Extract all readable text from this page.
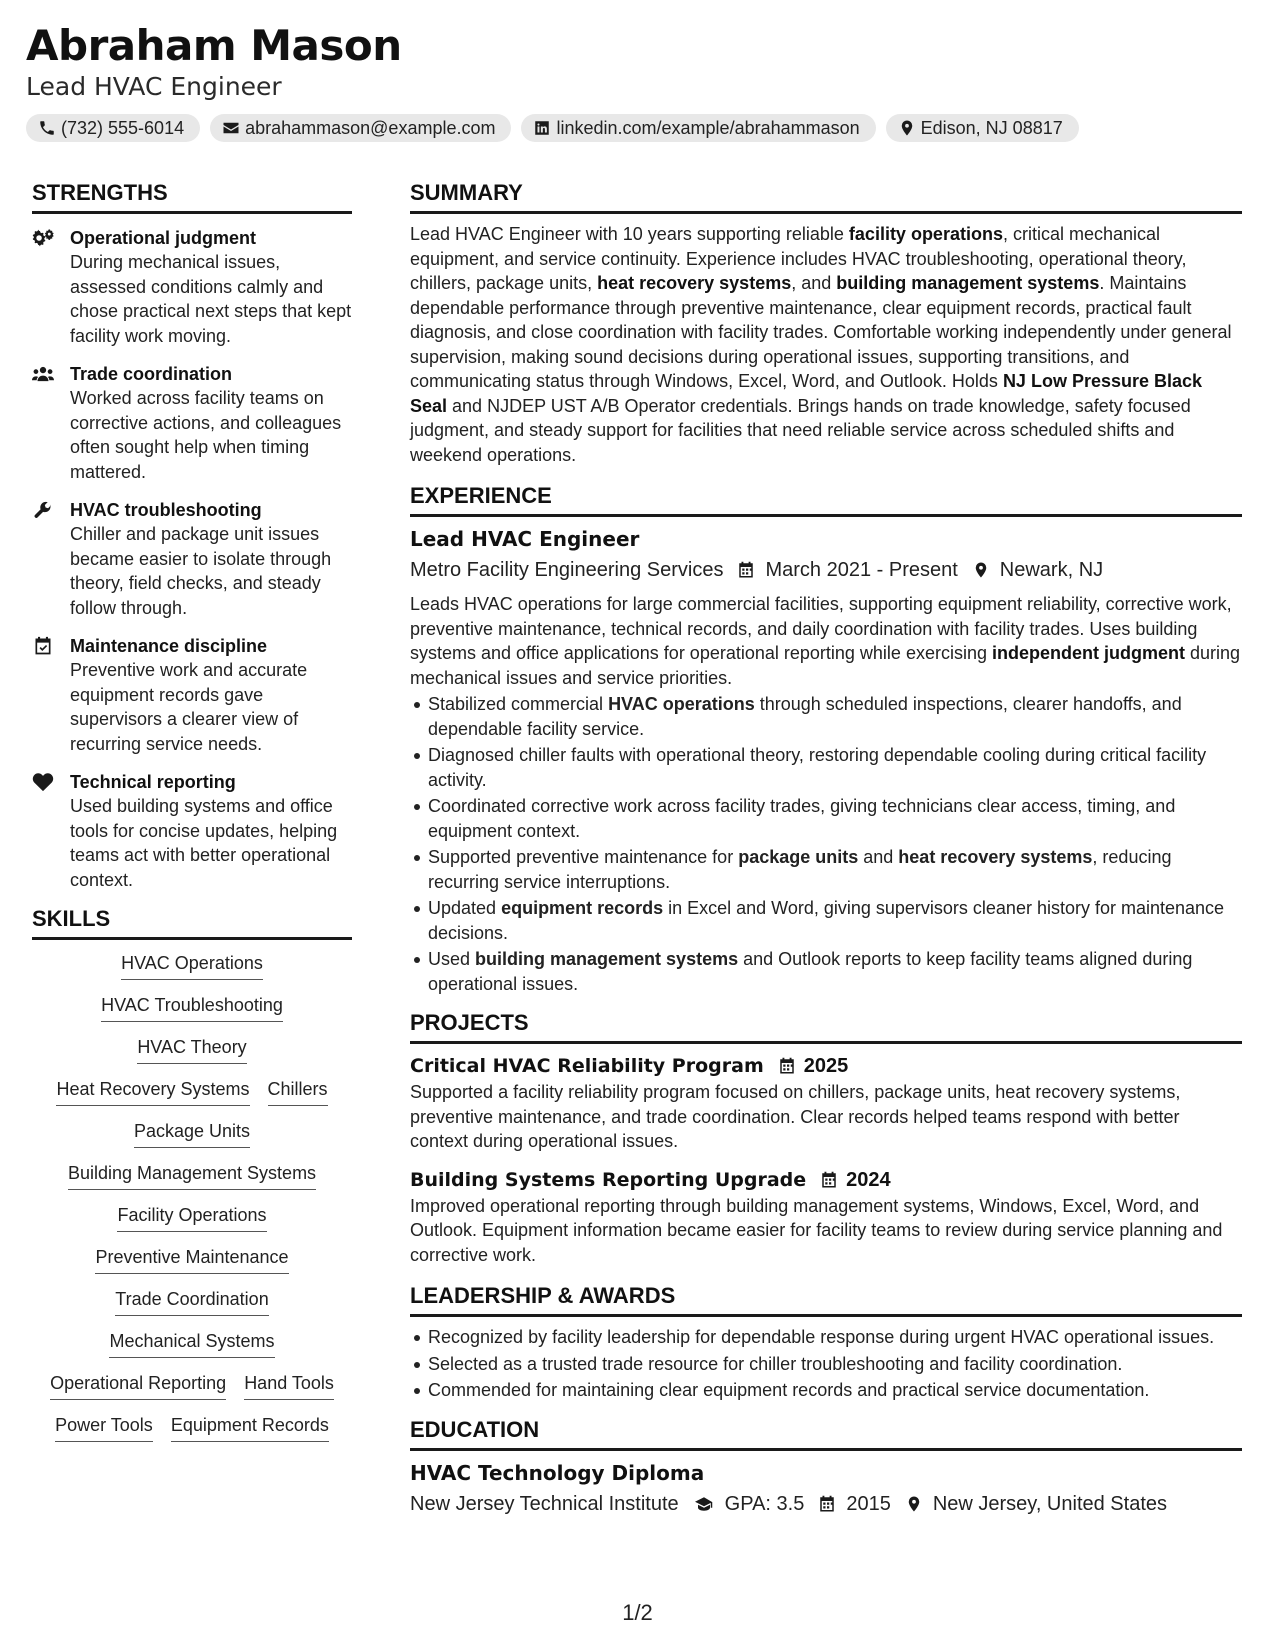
Abraham Mason
Lead HVAC Engineer
(732) 555-6014	abrahammason@example.com	linkedin.com/example/abrahammason	Edison, NJ 08817
STRENGTHS
Operational judgment
During mechanical issues, assessed conditions calmly and chose practical next steps that kept facility work moving.
Trade coordination
Worked across facility teams on corrective actions, and colleagues often sought help when timing mattered.
HVAC troubleshooting
Chiller and package unit issues became easier to isolate through theory, field checks, and steady follow through.
Maintenance discipline
Preventive work and accurate equipment records gave supervisors a clearer view of recurring service needs.
Technical reporting
Used building systems and office tools for concise updates, helping teams act with better operational context.
SKILLS
HVAC Operations
HVAC Troubleshooting
HVAC Theory
Heat Recovery Systems Chillers
Package Units
Building Management Systems
Facility Operations
Preventive Maintenance
Trade Coordination
Mechanical Systems
Operational Reporting Hand Tools
Power Tools Equipment Records
SUMMARY
Lead HVAC Engineer with 10 years supporting reliable facility operations, critical mechanical equipment, and service continuity. Experience includes HVAC troubleshooting, operational theory, chillers, package units, heat recovery systems, and building management systems. Maintains dependable performance through preventive maintenance, clear equipment records, practical fault diagnosis, and close coordination with facility trades. Comfortable working independently under general supervision, making sound decisions during operational issues, supporting transitions, and communicating status through Windows, Excel, Word, and Outlook. Holds NJ Low Pressure Black Seal and NJDEP UST A/B Operator credentials. Brings hands on trade knowledge, safety focused judgment, and steady support for facilities that need reliable service across scheduled shifts and weekend operations.
EXPERIENCE
Lead HVAC Engineer
Metro Facility Engineering Services March 2021 - Present Newark, NJ
Leads HVAC operations for large commercial facilities, supporting equipment reliability, corrective work, preventive maintenance, technical records, and daily coordination with facility trades. Uses building systems and office applications for operational reporting while exercising independent judgment during mechanical issues and service priorities.
Stabilized commercial HVAC operations through scheduled inspections, clearer handoffs, and dependable facility service.
Diagnosed chiller faults with operational theory, restoring dependable cooling during critical facility activity.
Coordinated corrective work across facility trades, giving technicians clear access, timing, and equipment context.
Supported preventive maintenance for package units and heat recovery systems, reducing recurring service interruptions.
Updated equipment records in Excel and Word, giving supervisors cleaner history for maintenance decisions.
Used building management systems and Outlook reports to keep facility teams aligned during operational issues.
PROJECTS
Critical HVAC Reliability Program 2025
Supported a facility reliability program focused on chillers, package units, heat recovery systems, preventive maintenance, and trade coordination. Clear records helped teams respond with better context during operational issues.
Building Systems Reporting Upgrade 2024
Improved operational reporting through building management systems, Windows, Excel, Word, and Outlook. Equipment information became easier for facility teams to review during service planning and corrective work.
LEADERSHIP & AWARDS
Recognized by facility leadership for dependable response during urgent HVAC operational issues.
Selected as a trusted trade resource for chiller troubleshooting and facility coordination.
Commended for maintaining clear equipment records and practical service documentation.
EDUCATION
HVAC Technology Diploma
New Jersey Technical Institute GPA: 3.5 2015 New Jersey, United States
1/2
